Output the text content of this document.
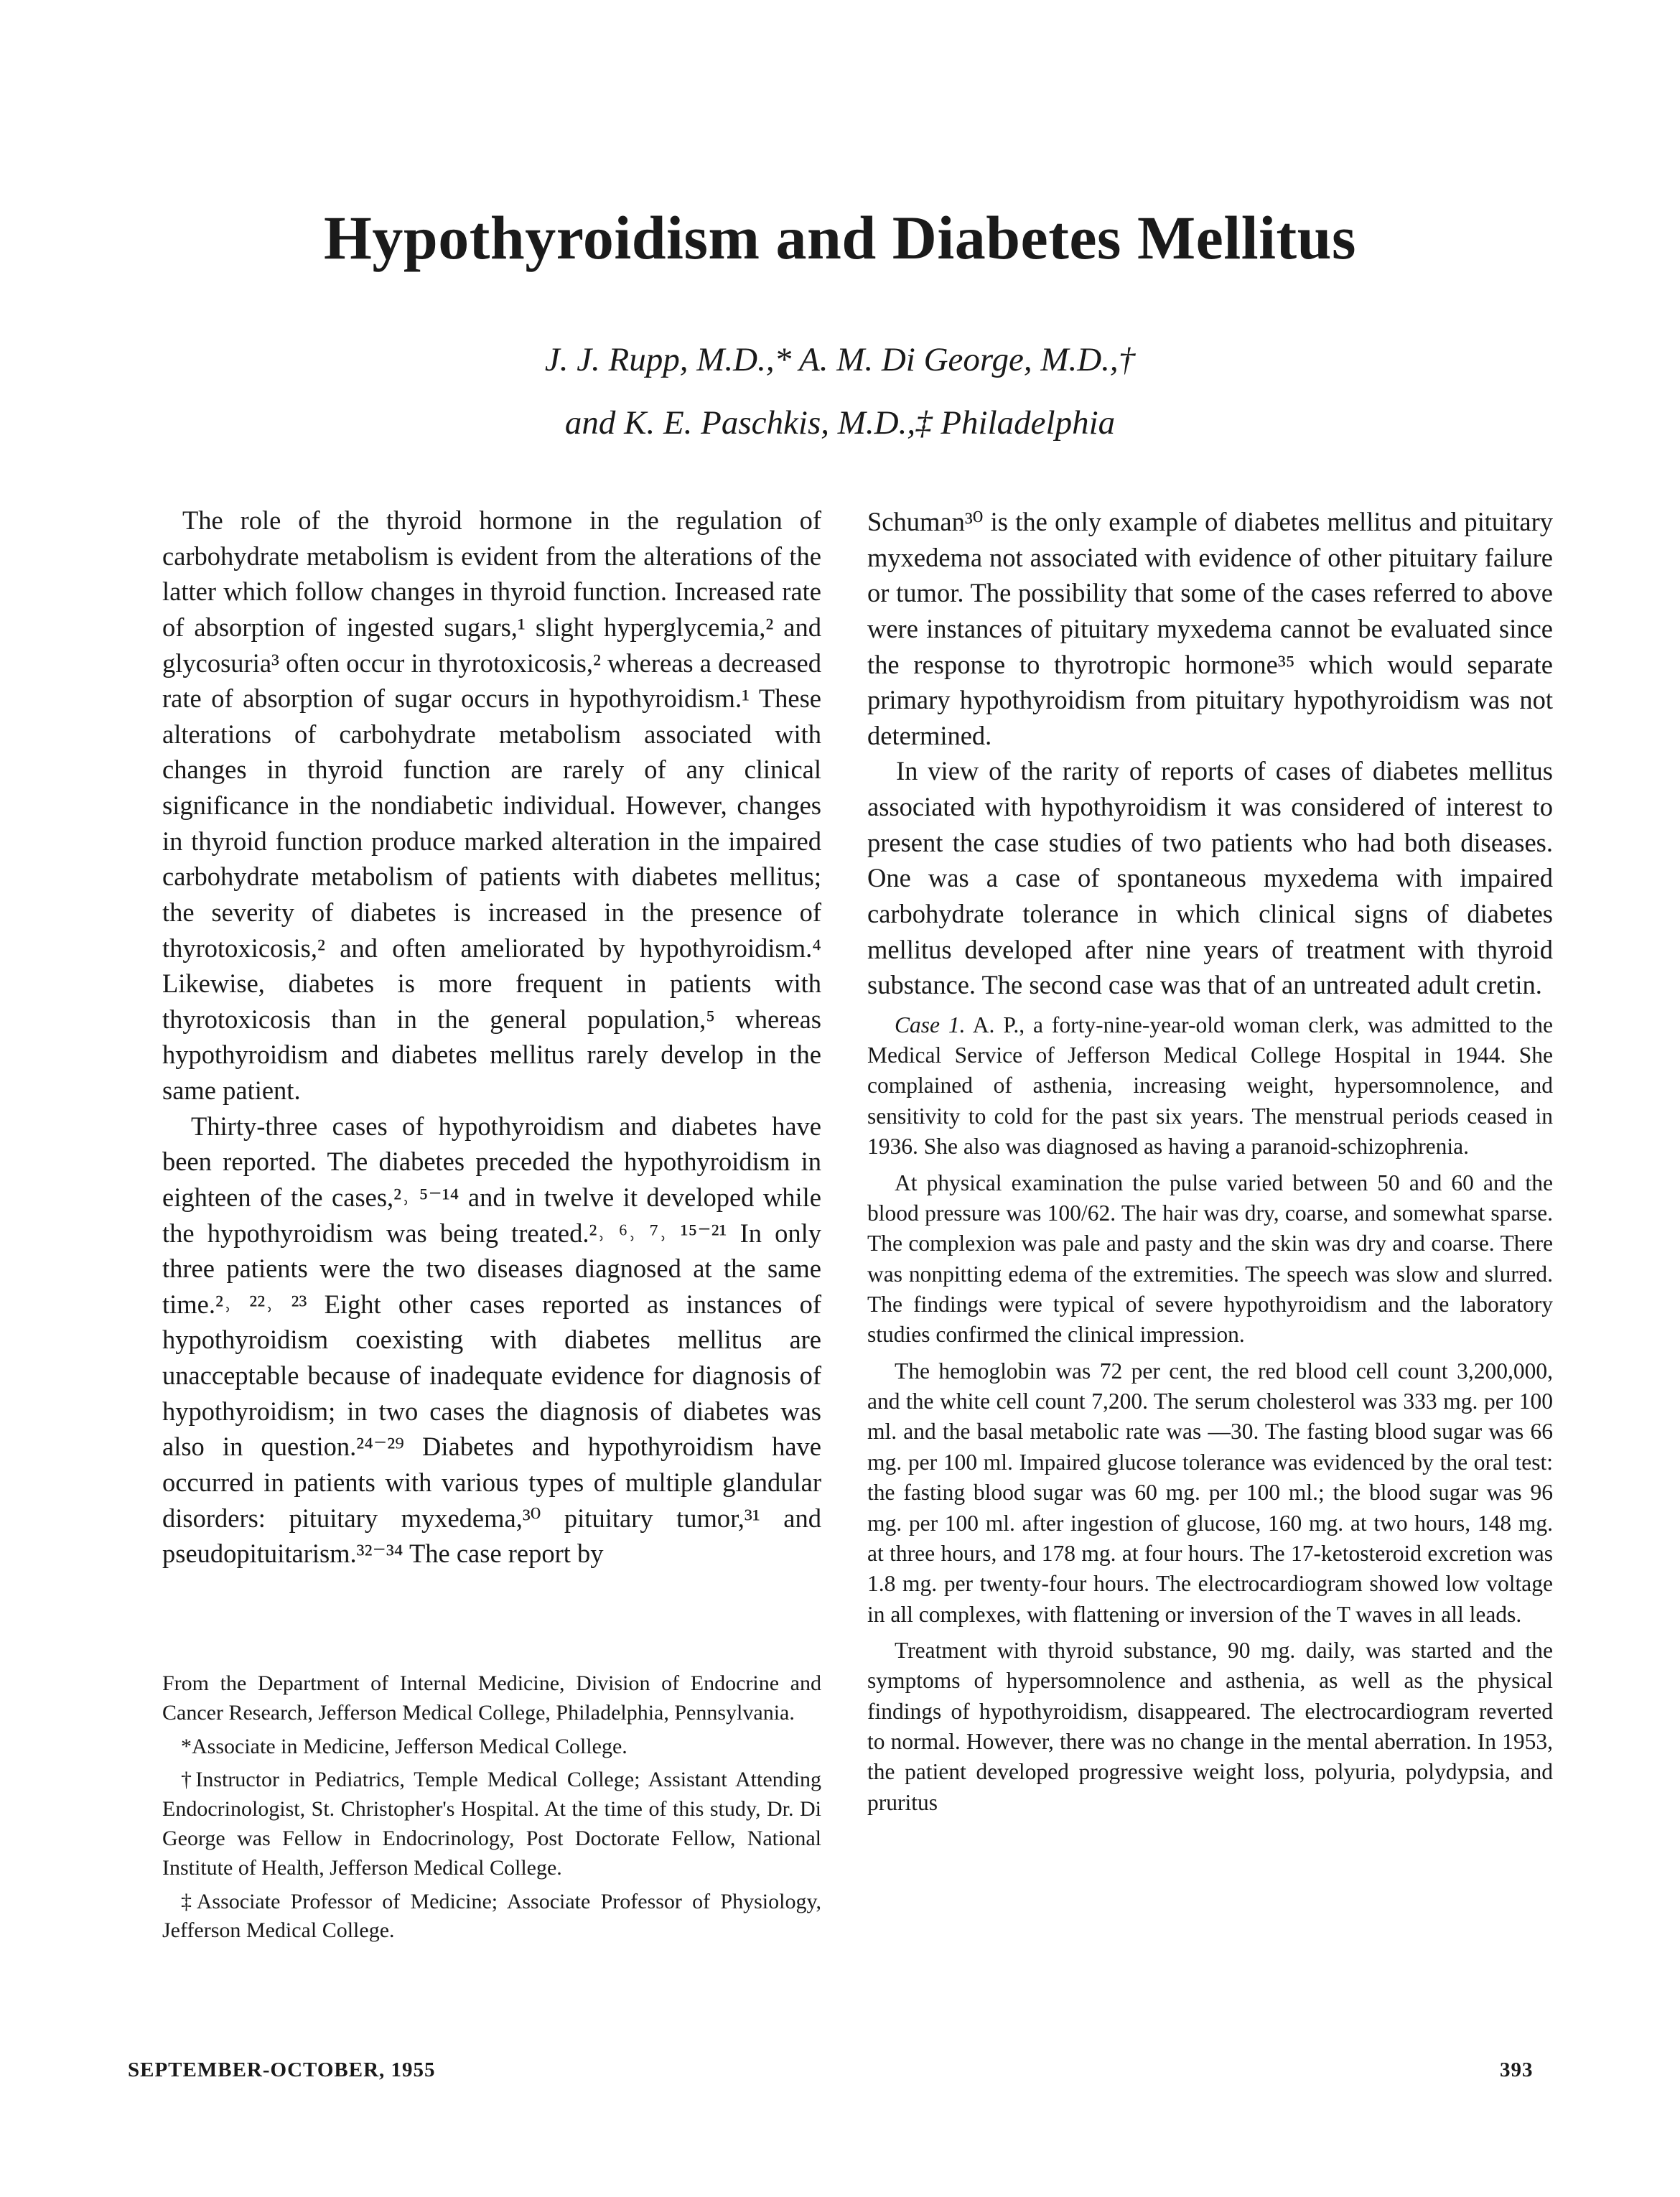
Hypothyroidism and Diabetes Mellitus
J. J. Rupp, M.D.,* A. M. Di George, M.D.,†
and K. E. Paschkis, M.D.,‡ Philadelphia

The role of the thyroid hormone in the regulation of carbohydrate metabolism is evident from the alterations of the latter which follow changes in thyroid function. Increased rate of absorption of ingested sugars,¹ slight hyperglycemia,² and glycosuria³ often occur in thyrotoxicosis,² whereas a decreased rate of absorption of sugar occurs in hypothyroidism.¹ These alterations of carbohydrate metabolism associated with changes in thyroid function are rarely of any clinical significance in the nondiabetic individual. However, changes in thyroid function produce marked alteration in the impaired carbohydrate metabolism of patients with diabetes mellitus; the severity of diabetes is increased in the presence of thyrotoxicosis,² and often ameliorated by hypothyroidism.⁴ Likewise, diabetes is more frequent in patients with thyrotoxicosis than in the general population,⁵ whereas hypothyroidism and diabetes mellitus rarely develop in the same patient.

Thirty-three cases of hypothyroidism and diabetes have been reported. The diabetes preceded the hypothyroidism in eighteen of the cases,²˒ ⁵⁻¹⁴ and in twelve it developed while the hypothyroidism was being treated.²˒ ⁶˒ ⁷˒ ¹⁵⁻²¹ In only three patients were the two diseases diagnosed at the same time.²˒ ²²˒ ²³ Eight other cases reported as instances of hypothyroidism coexisting with diabetes mellitus are unacceptable because of inadequate evidence for diagnosis of hypothyroidism; in two cases the diagnosis of diabetes was also in question.²⁴⁻²⁹ Diabetes and hypothyroidism have occurred in patients with various types of multiple glandular disorders: pituitary myxedema,³⁰ pituitary tumor,³¹ and pseudopituitarism.³²⁻³⁴ The case report by

From the Department of Internal Medicine, Division of Endocrine and Cancer Research, Jefferson Medical College, Philadelphia, Pennsylvania.

*Associate in Medicine, Jefferson Medical College.

†Instructor in Pediatrics, Temple Medical College; Assistant Attending Endocrinologist, St. Christopher's Hospital. At the time of this study, Dr. Di George was Fellow in Endocrinology, Post Doctorate Fellow, National Institute of Health, Jefferson Medical College.

‡Associate Professor of Medicine; Associate Professor of Physiology, Jefferson Medical College.

Schuman³⁰ is the only example of diabetes mellitus and pituitary myxedema not associated with evidence of other pituitary failure or tumor. The possibility that some of the cases referred to above were instances of pituitary myxedema cannot be evaluated since the response to thyrotropic hormone³⁵ which would separate primary hypothyroidism from pituitary hypothyroidism was not determined.

In view of the rarity of reports of cases of diabetes mellitus associated with hypothyroidism it was considered of interest to present the case studies of two patients who had both diseases. One was a case of spontaneous myxedema with impaired carbohydrate tolerance in which clinical signs of diabetes mellitus developed after nine years of treatment with thyroid substance. The second case was that of an untreated adult cretin.

Case 1. A. P., a forty-nine-year-old woman clerk, was admitted to the Medical Service of Jefferson Medical College Hospital in 1944. She complained of asthenia, increasing weight, hypersomnolence, and sensitivity to cold for the past six years. The menstrual periods ceased in 1936. She also was diagnosed as having a paranoid-schizophrenia.

At physical examination the pulse varied between 50 and 60 and the blood pressure was 100/62. The hair was dry, coarse, and somewhat sparse. The complexion was pale and pasty and the skin was dry and coarse. There was nonpitting edema of the extremities. The speech was slow and slurred. The findings were typical of severe hypothyroidism and the laboratory studies confirmed the clinical impression.

The hemoglobin was 72 per cent, the red blood cell count 3,200,000, and the white cell count 7,200. The serum cholesterol was 333 mg. per 100 ml. and the basal metabolic rate was —30. The fasting blood sugar was 66 mg. per 100 ml. Impaired glucose tolerance was evidenced by the oral test: the fasting blood sugar was 60 mg. per 100 ml.; the blood sugar was 96 mg. per 100 ml. after ingestion of glucose, 160 mg. at two hours, 148 mg. at three hours, and 178 mg. at four hours. The 17-ketosteroid excretion was 1.8 mg. per twenty-four hours. The electrocardiogram showed low voltage in all complexes, with flattening or inversion of the T waves in all leads.

Treatment with thyroid substance, 90 mg. daily, was started and the symptoms of hypersomnolence and asthenia, as well as the physical findings of hypothyroidism, disappeared. The electrocardiogram reverted to normal. However, there was no change in the mental aberration. In 1953, the patient developed progressive weight loss, polyuria, polydypsia, and pruritus

SEPTEMBER-OCTOBER, 1955	393
